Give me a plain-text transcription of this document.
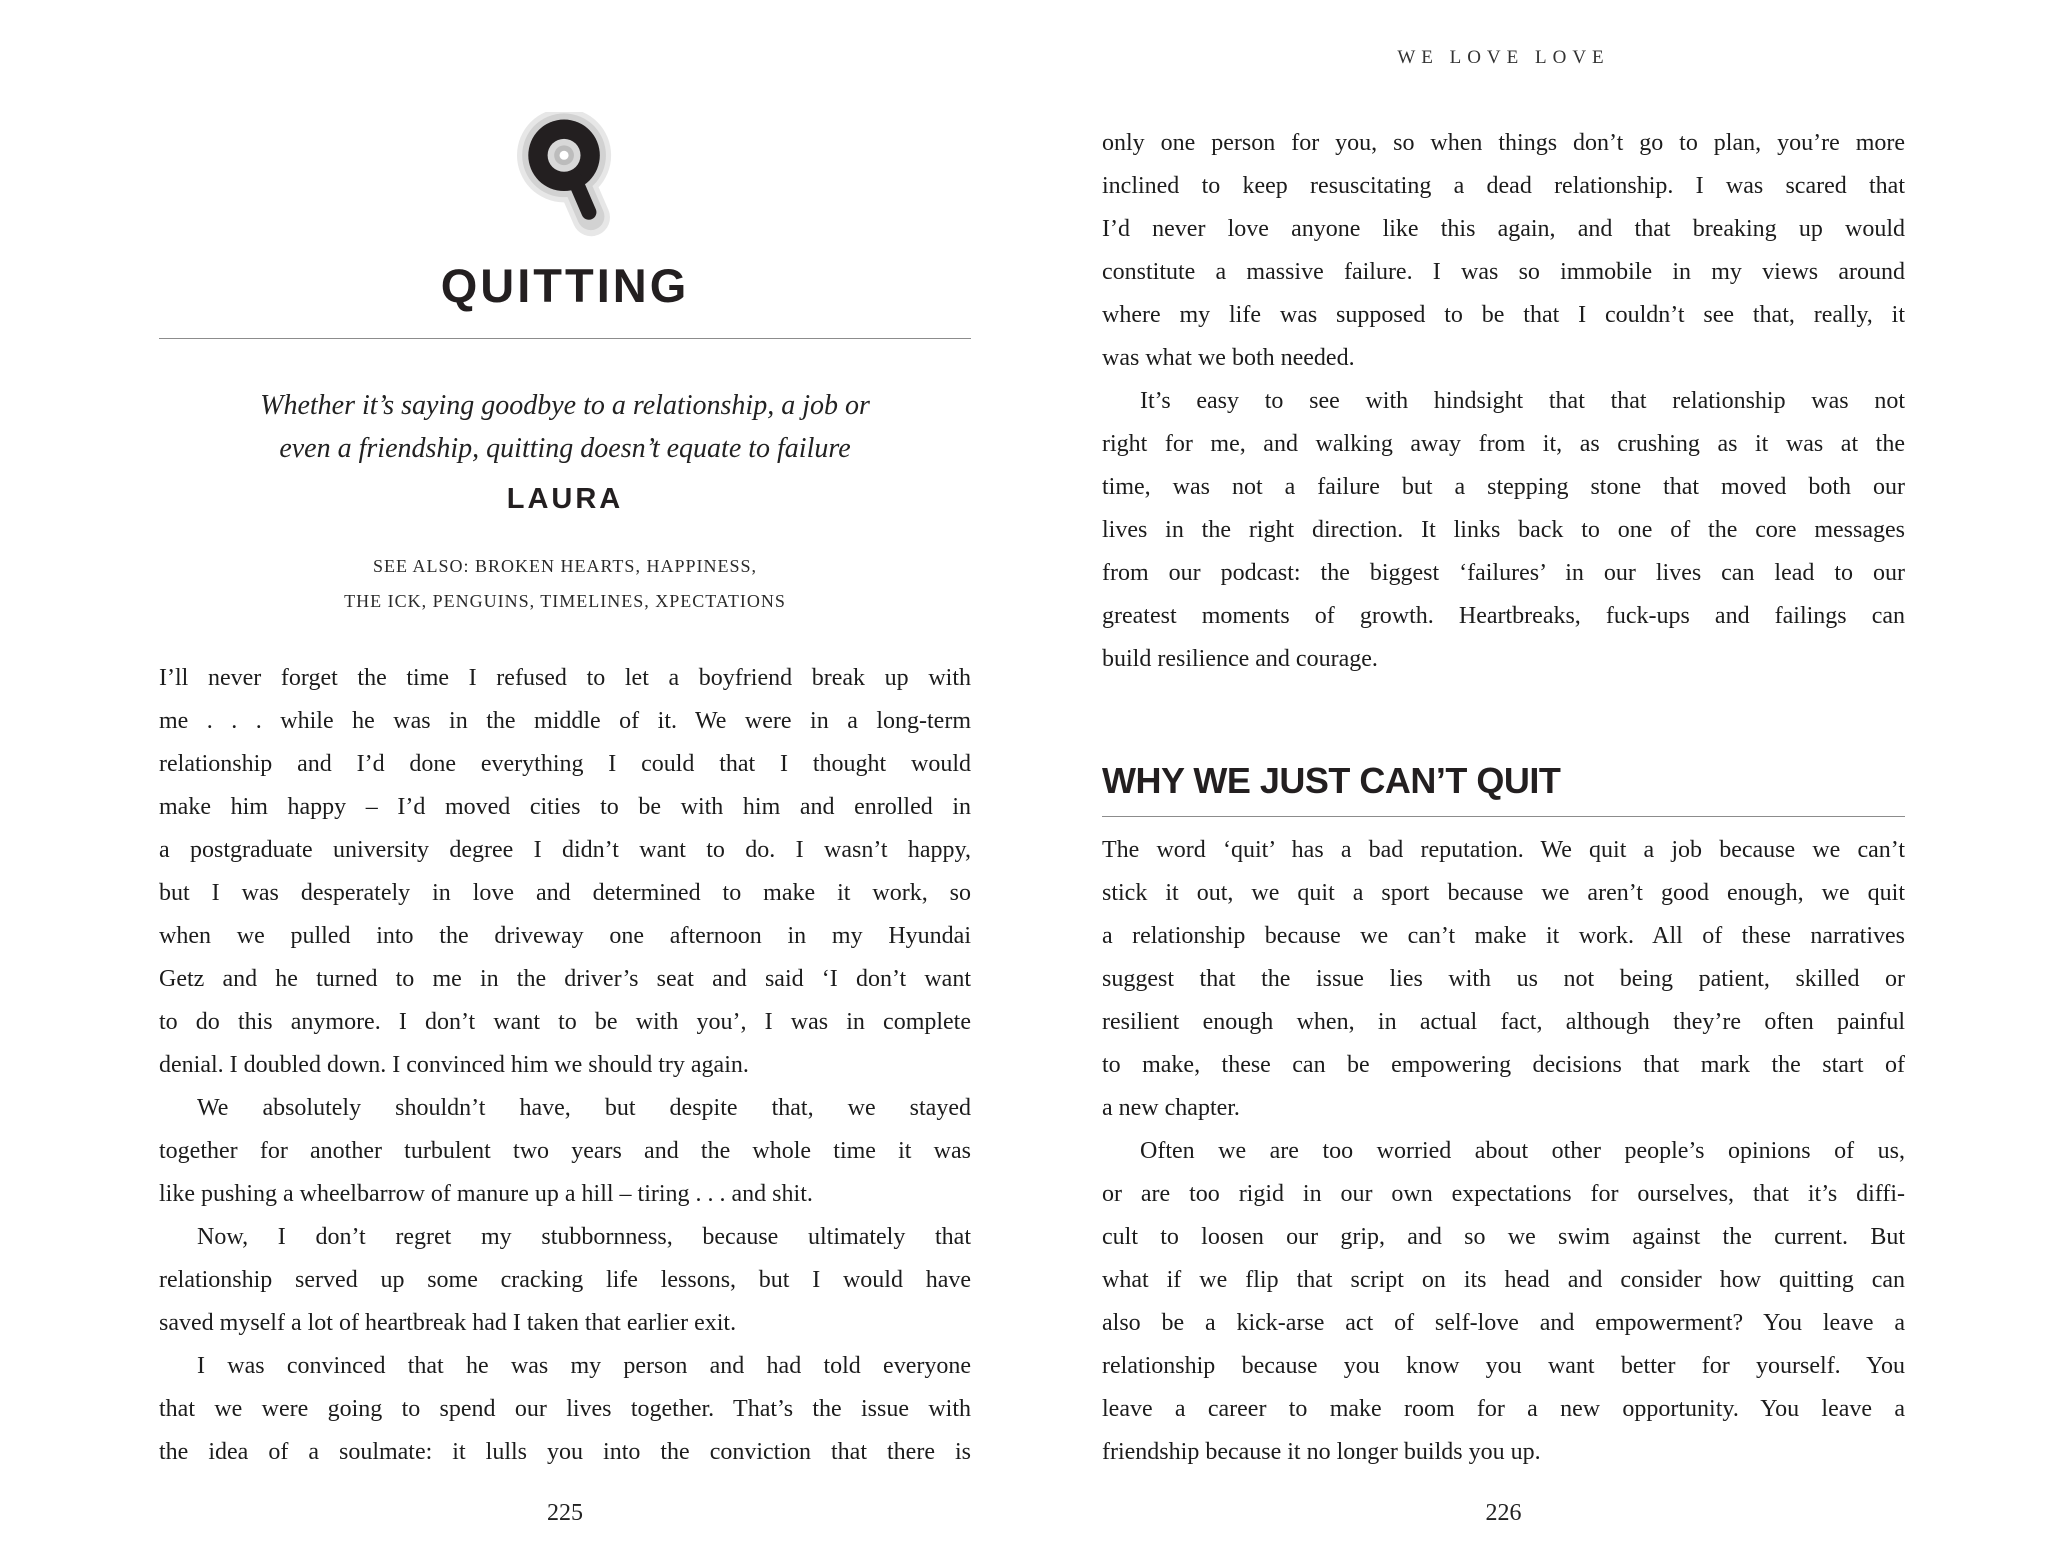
QUITTING

Whether it’s saying goodbye to a relationship, a job or
even a friendship, quitting doesn’t equate to failure

LAURA
SEE ALSO: BROKEN HEARTS, HAPPINESS,
THE ICK, PENGUINS, TIMELINES, XPECTATIONS
I’ll never forget the time I refused to let a boyfriend break up with
me . . . while he was in the middle of it. We were in a long-term
relationship and I’d done everything I could that I thought would
make him happy – I’d moved cities to be with him and enrolled in
a postgraduate university degree I didn’t want to do. I wasn’t happy,
but I was desperately in love and determined to make it work, so
when we pulled into the driveway one afternoon in my Hyundai
Getz and he turned to me in the driver’s seat and said ‘I don’t want
to do this anymore. I don’t want to be with you’, I was in complete
denial. I doubled down. I convinced him we should try again.
We absolutely shouldn’t have, but despite that, we stayed
together for another turbulent two years and the whole time it was
like pushing a wheelbarrow of manure up a hill – tiring . . . and shit.
Now, I don’t regret my stubbornness, because ultimately that
relationship served up some cracking life lessons, but I would have
saved myself a lot of heartbreak had I taken that earlier exit.
I was convinced that he was my person and had told everyone
that we were going to spend our lives together. That’s the issue with
the idea of a soulmate: it lulls you into the conviction that there is
225
WE LOVE LOVE
only one person for you, so when things don’t go to plan, you’re more
inclined to keep resuscitating a dead relationship. I was scared that
I’d never love anyone like this again, and that breaking up would
constitute a massive failure. I was so immobile in my views around
where my life was supposed to be that I couldn’t see that, really, it
was what we both needed.
It’s easy to see with hindsight that that relationship was not
right for me, and walking away from it, as crushing as it was at the
time, was not a failure but a stepping stone that moved both our
lives in the right direction. It links back to one of the core messages
from our podcast: the biggest ‘failures’ in our lives can lead to our
greatest moments of growth. Heartbreaks, fuck-ups and failings can
build resilience and courage.
WHY WE JUST CAN’T QUIT
The word ‘quit’ has a bad reputation. We quit a job because we can’t
stick it out, we quit a sport because we aren’t good enough, we quit
a relationship because we can’t make it work. All of these narratives
suggest that the issue lies with us not being patient, skilled or
resilient enough when, in actual fact, although they’re often painful
to make, these can be empowering decisions that mark the start of
a new chapter.
Often we are too worried about other people’s opinions of us,
or are too rigid in our own expectations for ourselves, that it’s diffi-
cult to loosen our grip, and so we swim against the current. But
what if we flip that script on its head and consider how quitting can
also be a kick-arse act of self-love and empowerment? You leave a
relationship because you know you want better for yourself. You
leave a career to make room for a new opportunity. You leave a
friendship because it no longer builds you up.
226
